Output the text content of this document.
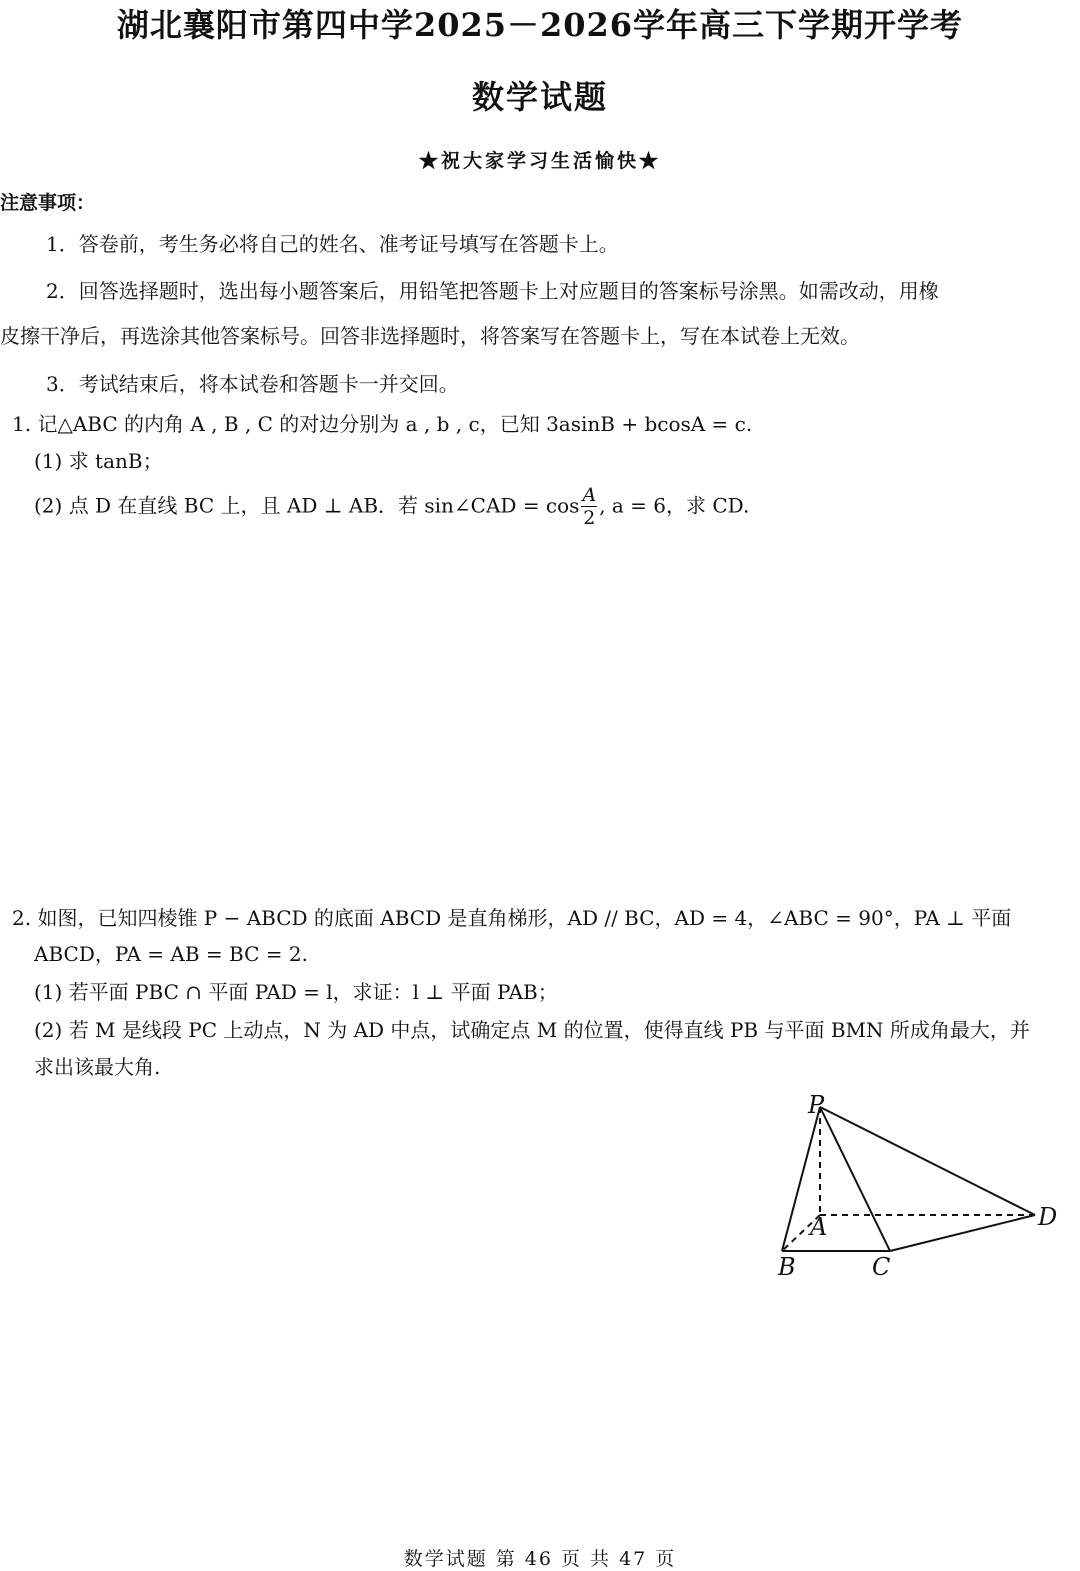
湖北襄阳市第四中学2025－2026学年高三下学期开学考
数学试题
★祝大家学习生活愉快★
注意事项：
1．答卷前，考生务必将自己的姓名、准考证号填写在答题卡上。
2．回答选择题时，选出每小题答案后，用铅笔把答题卡上对应题目的答案标号涂黑。如需改动，用橡
皮擦干净后，再选涂其他答案标号。回答非选择题时，将答案写在答题卡上，写在本试卷上无效。
3．考试结束后，将本试卷和答题卡一并交回。
1. 记△ABC 的内角 A , B , C 的对边分别为 a , b , c，已知 3asinB + bcosA = c.
(1) 求 tanB；
(2) 点 D 在直线 BC 上，且 AD ⊥ AB．若 sin∠CAD = $\cos \frac{A}{2}$ , a = 6，求 CD.
2. 如图，已知四棱锥 P − ABCD 的底面 ABCD 是直角梯形，AD // BC，AD = 4，∠ABC = 90°，PA ⊥ 平面
ABCD，PA = AB = BC = 2.
(1) 若平面 PBC ∩ 平面 PAD = l，求证：l ⊥ 平面 PAB；
(2) 若 M 是线段 PC 上动点，N 为 AD 中点，试确定点 M 的位置，使得直线 PB 与平面 BMN 所成角最大，并
求出该最大角.
P
A
B	C
D
数学试题 第 46 页 共 47 页
